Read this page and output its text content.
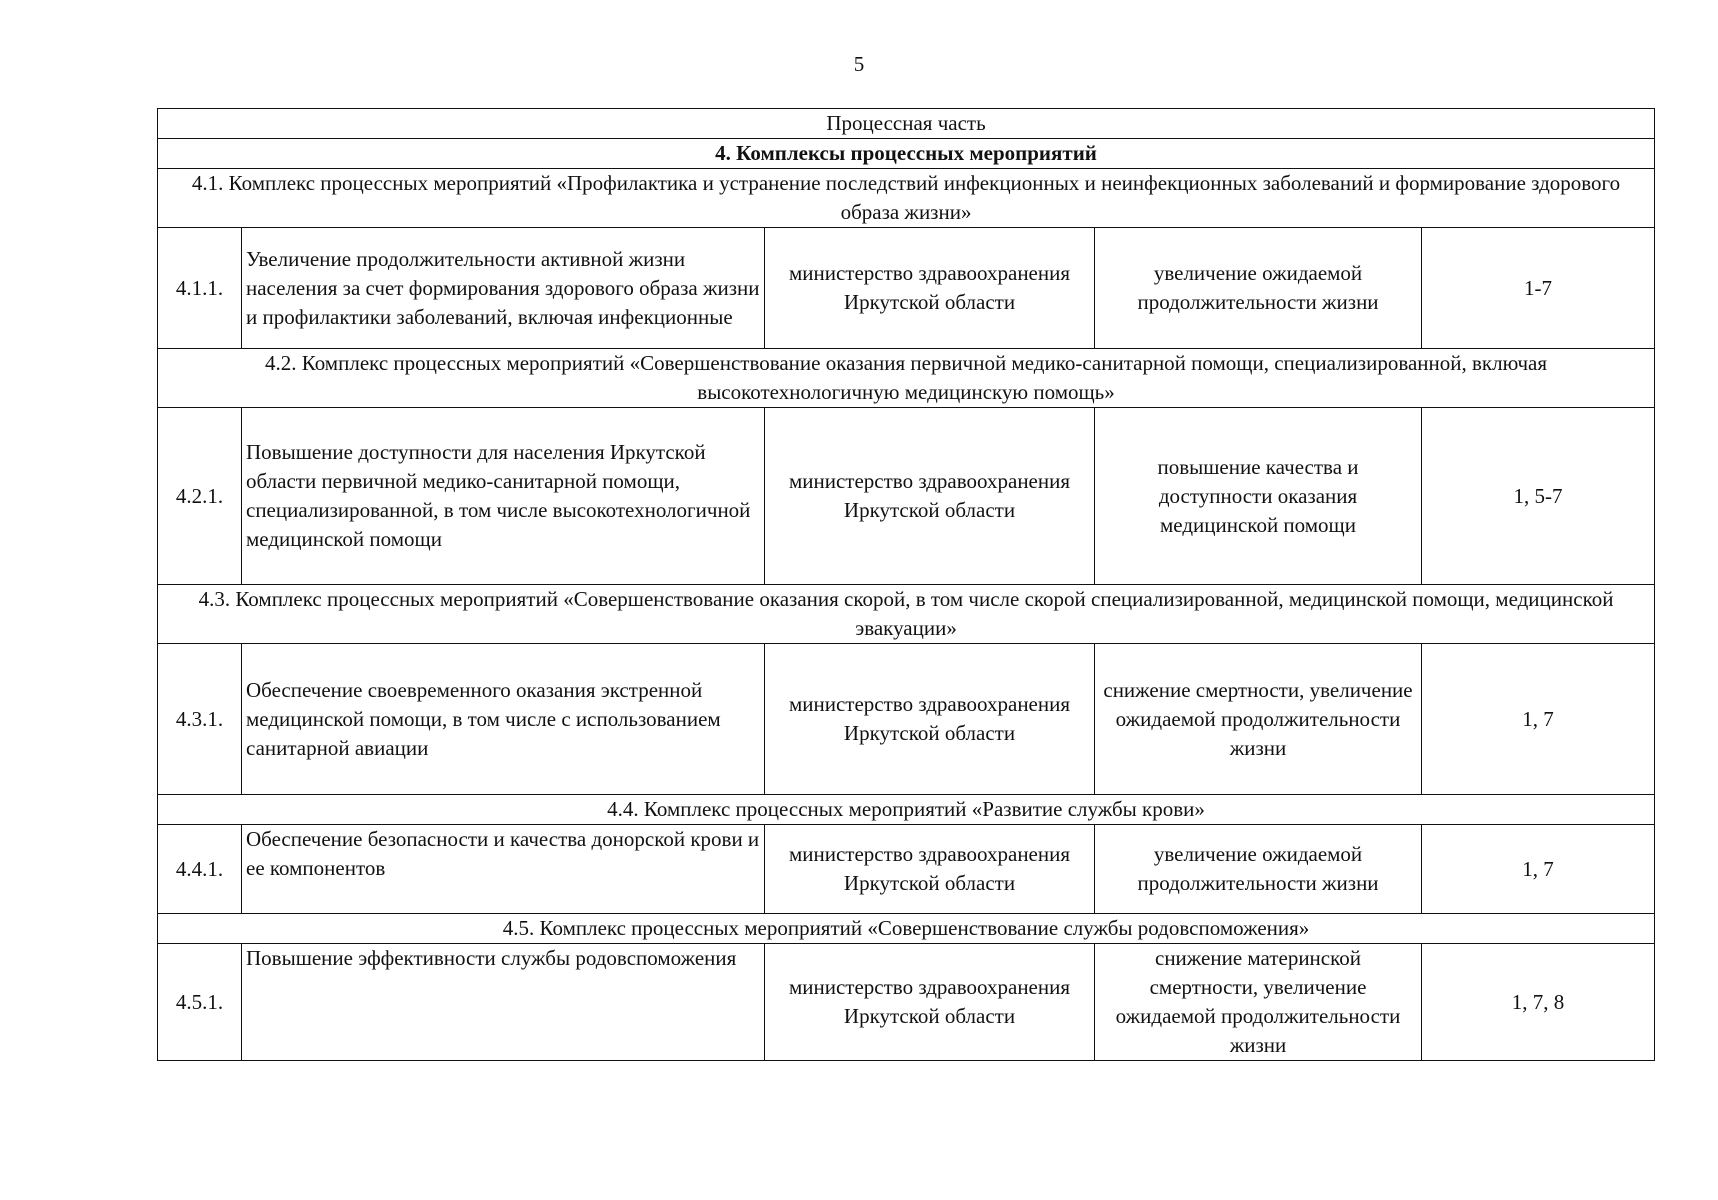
5
Процессная часть				
4. Комплексы процессных мероприятий				
4.1. Комплекс процессных мероприятий «Профилактика и устранение последствий инфекционных и неинфекционных заболеваний и формирование здорового образа жизни»				
4.1.1.	Увеличение продолжительности активной жизни населения за счет формирования здорового образа жизни и профилактики заболеваний, включая инфекционные	министерство здравоохранения Иркутской области	увеличение ожидаемой продолжительности жизни	1-7
4.2. Комплекс процессных мероприятий «Совершенствование оказания первичной медико-санитарной помощи, специализированной, включая высокотехнологичную медицинскую помощь»				
4.2.1.	Повышение доступности для населения Иркутской области первичной медико-санитарной помощи, специализированной, в том числе высокотехнологичной медицинской помощи	министерство здравоохранения Иркутской области	повышение качества и доступности оказания медицинской помощи	1, 5-7
4.3. Комплекс процессных мероприятий «Совершенствование оказания скорой, в том числе скорой специализированной, медицинской помощи, медицинской эвакуации»				
4.3.1.	Обеспечение своевременного оказания экстренной медицинской помощи, в том числе с использованием санитарной авиации	министерство здравоохранения Иркутской области	снижение смертности, увеличение ожидаемой продолжительности жизни	1, 7
4.4. Комплекс процессных мероприятий «Развитие службы крови»				
4.4.1.	Обеспечение безопасности и качества донорской крови и ее компонентов	министерство здравоохранения Иркутской области	увеличение ожидаемой продолжительности жизни	1, 7
4.5. Комплекс процессных мероприятий «Совершенствование службы родовспоможения»				
4.5.1.	Повышение эффективности службы родовспоможения	министерство здравоохранения Иркутской области	снижение материнской смертности, увеличение ожидаемой продолжительности жизни	1, 7, 8
